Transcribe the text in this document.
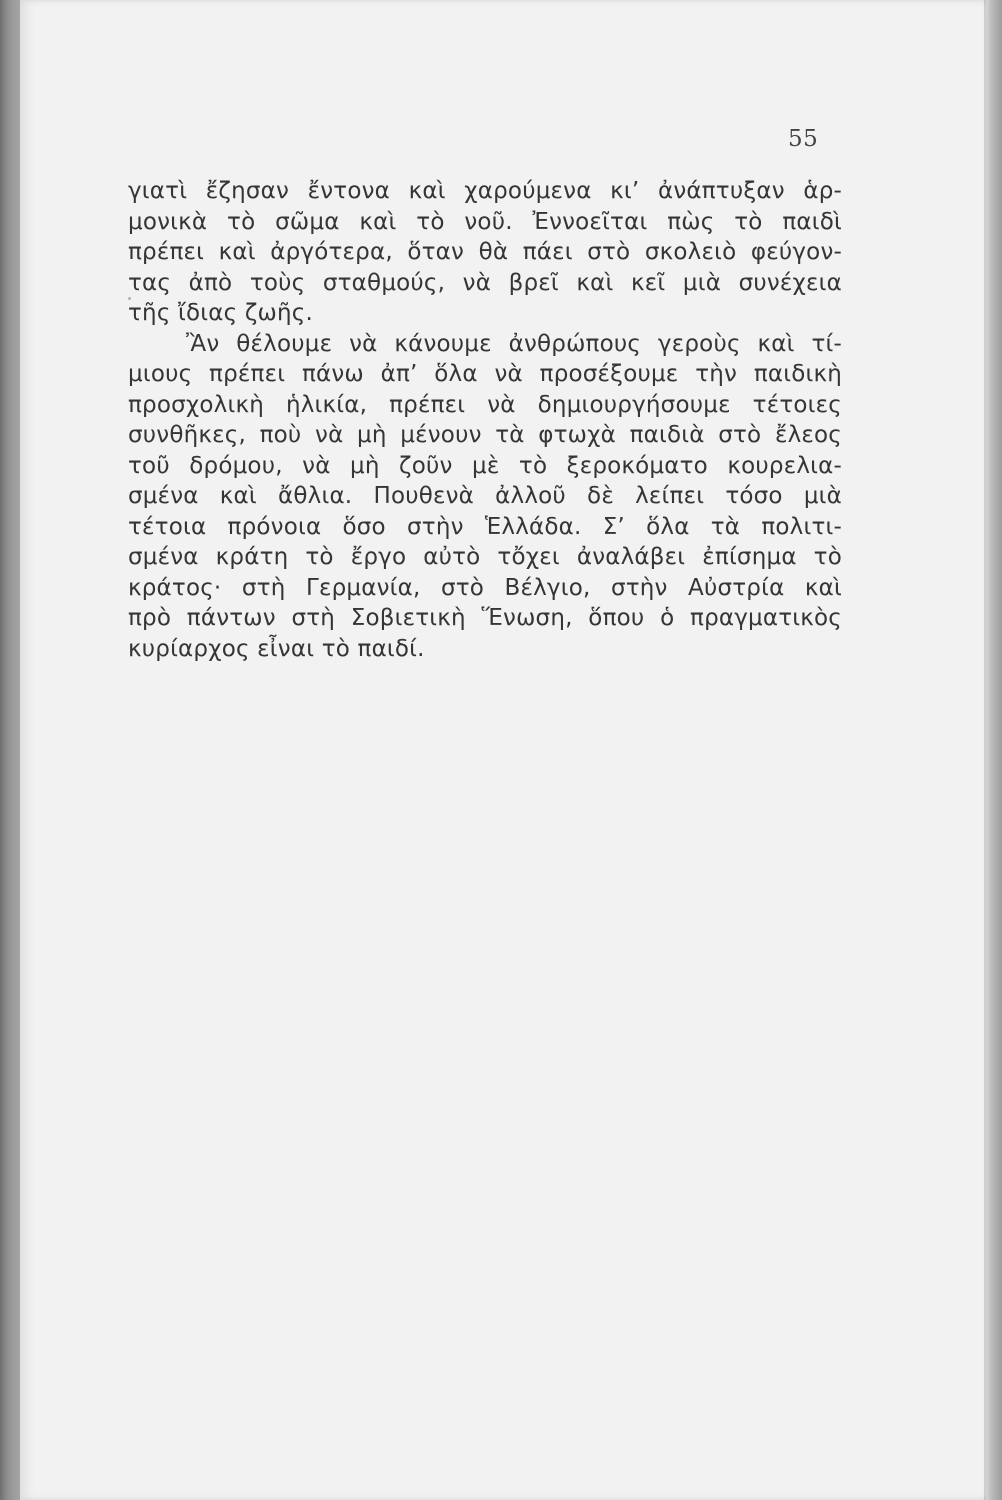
55
γιατὶ ἔζησαν ἔντονα καὶ χαρούμενα κι’ ἀνάπτυξαν ἁρ-
μονικὰ τὸ σῶμα καὶ τὸ νοῦ. Ἐννοεῖται πὼς τὸ παιδὶ
πρέπει καὶ ἀργότερα, ὅταν θὰ πάει στὸ σκολειὸ φεύγον-
τας ἀπὸ τοὺς σταθμούς, νὰ βρεῖ καὶ κεῖ μιὰ συνέχεια
τῆς ἴδιας ζωῆς.
Ἂν θέλουμε νὰ κάνουμε ἀνθρώπους γεροὺς καὶ τί-
μιους πρέπει πάνω ἀπ’ ὅλα νὰ προσέξουμε τὴν παιδικὴ
προσχολικὴ ἡλικία, πρέπει νὰ δημιουργήσουμε τέτοιες
συνθῆκες, ποὺ νὰ μὴ μένουν τὰ φτωχὰ παιδιὰ στὸ ἔλεος
τοῦ δρόμου, νὰ μὴ ζοῦν μὲ τὸ ξεροκόματο κουρελια-
σμένα καὶ ἄθλια. Πουθενὰ ἀλλοῦ δὲ λείπει τόσο μιὰ
τέτοια πρόνοια ὅσο στὴν Ἑλλάδα. Σ’ ὅλα τὰ πολιτι-
σμένα κράτη τὸ ἔργο αὐτὸ τὄχει ἀναλάβει ἐπίσημα τὸ
κράτος· στὴ Γερμανία, στὸ Βέλγιο, στὴν Αὐστρία καὶ
πρὸ πάντων στὴ Σοβιετικὴ Ἕνωση, ὅπου ὁ πραγματικὸς
κυρίαρχος εἶναι τὸ παιδί.
